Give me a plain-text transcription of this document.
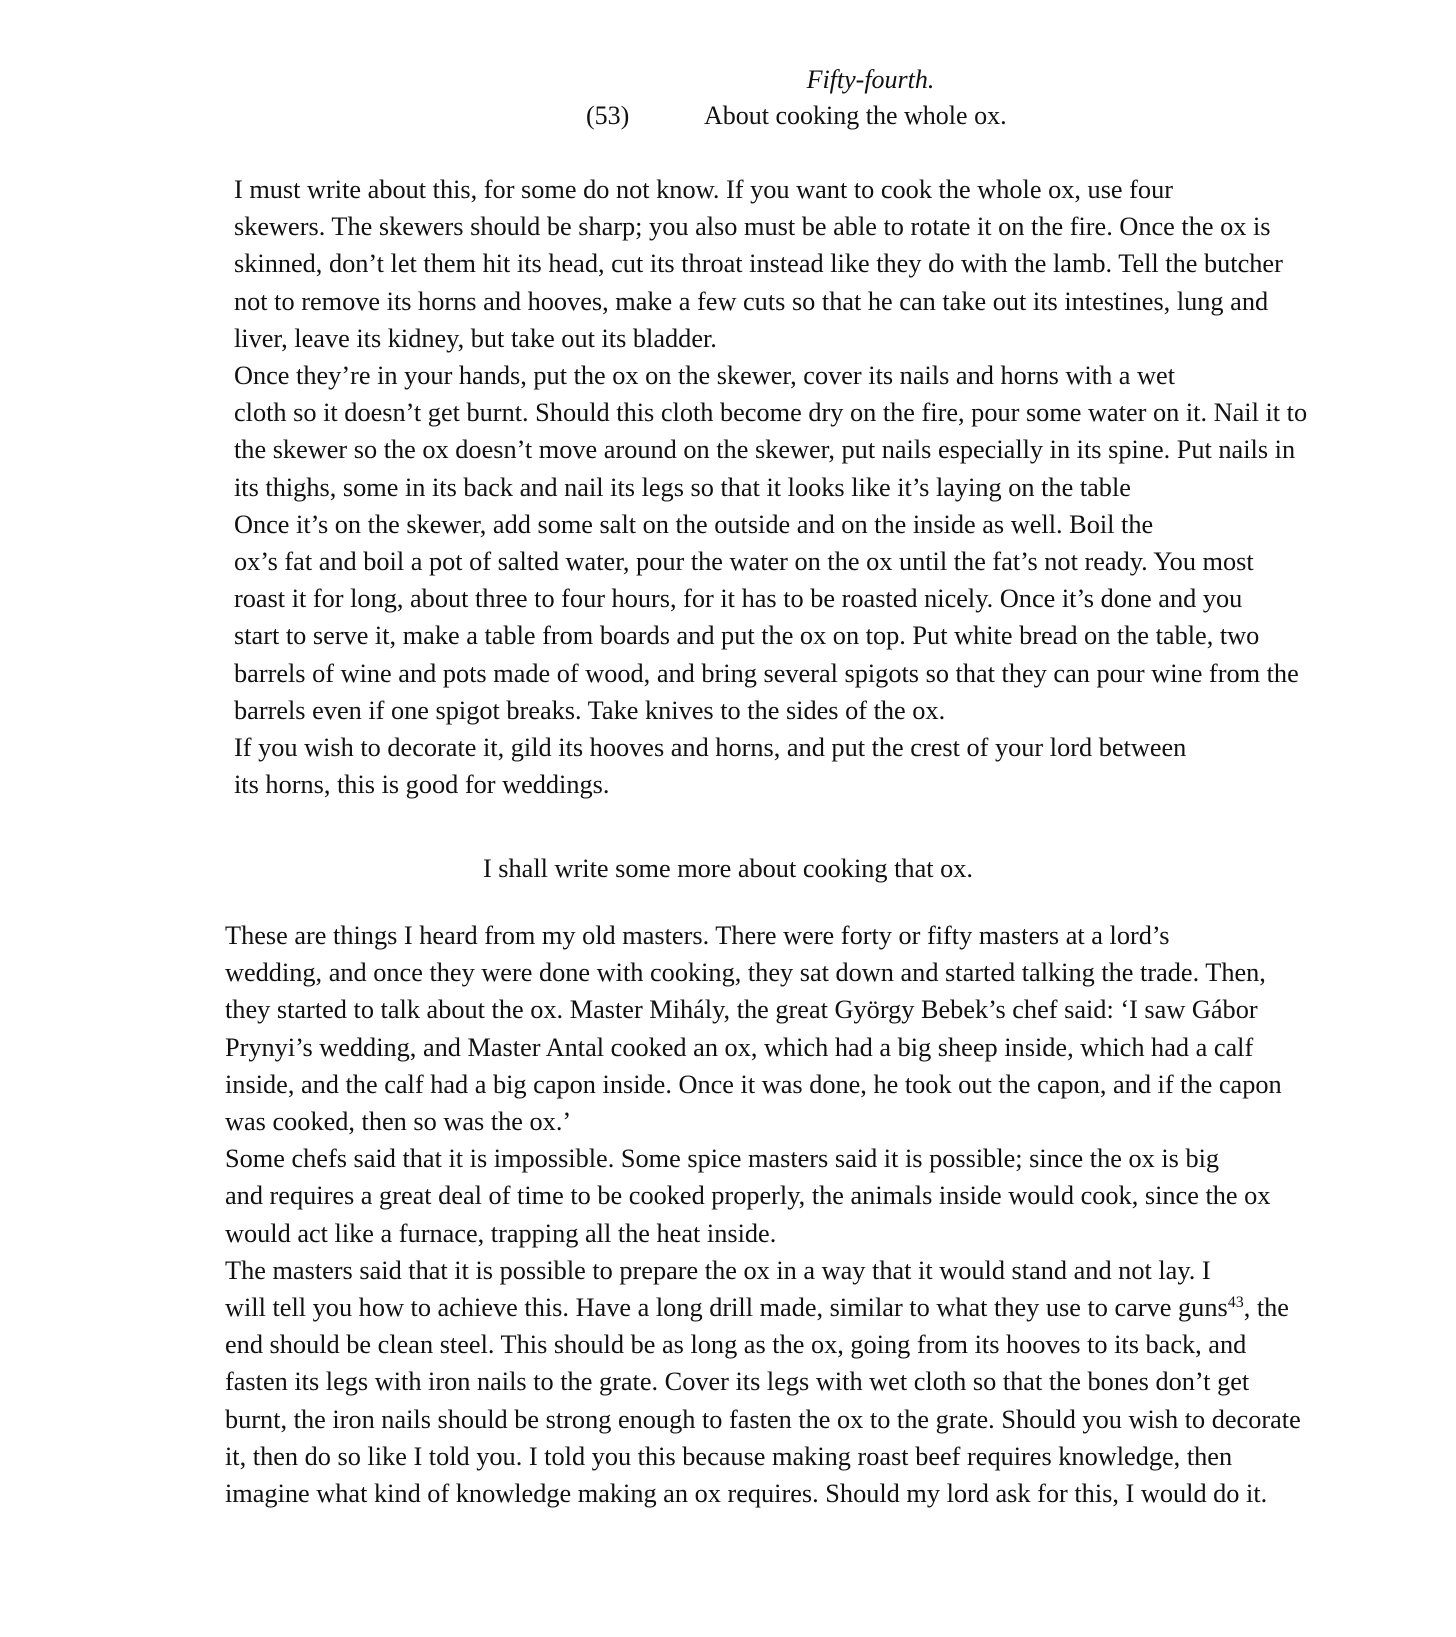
Fifty-fourth.
(53)	About cooking the whole ox.

I must write about this, for some do not know. If you want to cook the whole ox, use four
skewers. The skewers should be sharp; you also must be able to rotate it on the fire. Once the ox is
skinned, don’t let them hit its head, cut its throat instead like they do with the lamb. Tell the butcher
not to remove its horns and hooves, make a few cuts so that he can take out its intestines, lung and
liver, leave its kidney, but take out its bladder.

Once they’re in your hands, put the ox on the skewer, cover its nails and horns with a wet
cloth so it doesn’t get burnt. Should this cloth become dry on the fire, pour some water on it. Nail it to
the skewer so the ox doesn’t move around on the skewer, put nails especially in its spine. Put nails in
its thighs, some in its back and nail its legs so that it looks like it’s laying on the table

Once it’s on the skewer, add some salt on the outside and on the inside as well. Boil the
ox’s fat and boil a pot of salted water, pour the water on the ox until the fat’s not ready. You most
roast it for long, about three to four hours, for it has to be roasted nicely. Once it’s done and you
start to serve it, make a table from boards and put the ox on top. Put white bread on the table, two
barrels of wine and pots made of wood, and bring several spigots so that they can pour wine from the
barrels even if one spigot breaks. Take knives to the sides of the ox.

If you wish to decorate it, gild its hooves and horns, and put the crest of your lord between
its horns, this is good for weddings.

I shall write some more about cooking that ox.

These are things I heard from my old masters. There were forty or fifty masters at a lord’s
wedding, and once they were done with cooking, they sat down and started talking the trade. Then,
they started to talk about the ox. Master Mihály, the great György Bebek’s chef said: ‘I saw Gábor
Prynyi’s wedding, and Master Antal cooked an ox, which had a big sheep inside, which had a calf
inside, and the calf had a big capon inside. Once it was done, he took out the capon, and if the capon
was cooked, then so was the ox.’

Some chefs said that it is impossible. Some spice masters said it is possible; since the ox is big
and requires a great deal of time to be cooked properly, the animals inside would cook, since the ox
would act like a furnace, trapping all the heat inside.

The masters said that it is possible to prepare the ox in a way that it would stand and not lay. I
will tell you how to achieve this. Have a long drill made, similar to what they use to carve guns$^{43}$, the
end should be clean steel. This should be as long as the ox, going from its hooves to its back, and
fasten its legs with iron nails to the grate. Cover its legs with wet cloth so that the bones don’t get
burnt, the iron nails should be strong enough to fasten the ox to the grate. Should you wish to decorate
it, then do so like I told you. I told you this because making roast beef requires knowledge, then
imagine what kind of knowledge making an ox requires. Should my lord ask for this, I would do it.
